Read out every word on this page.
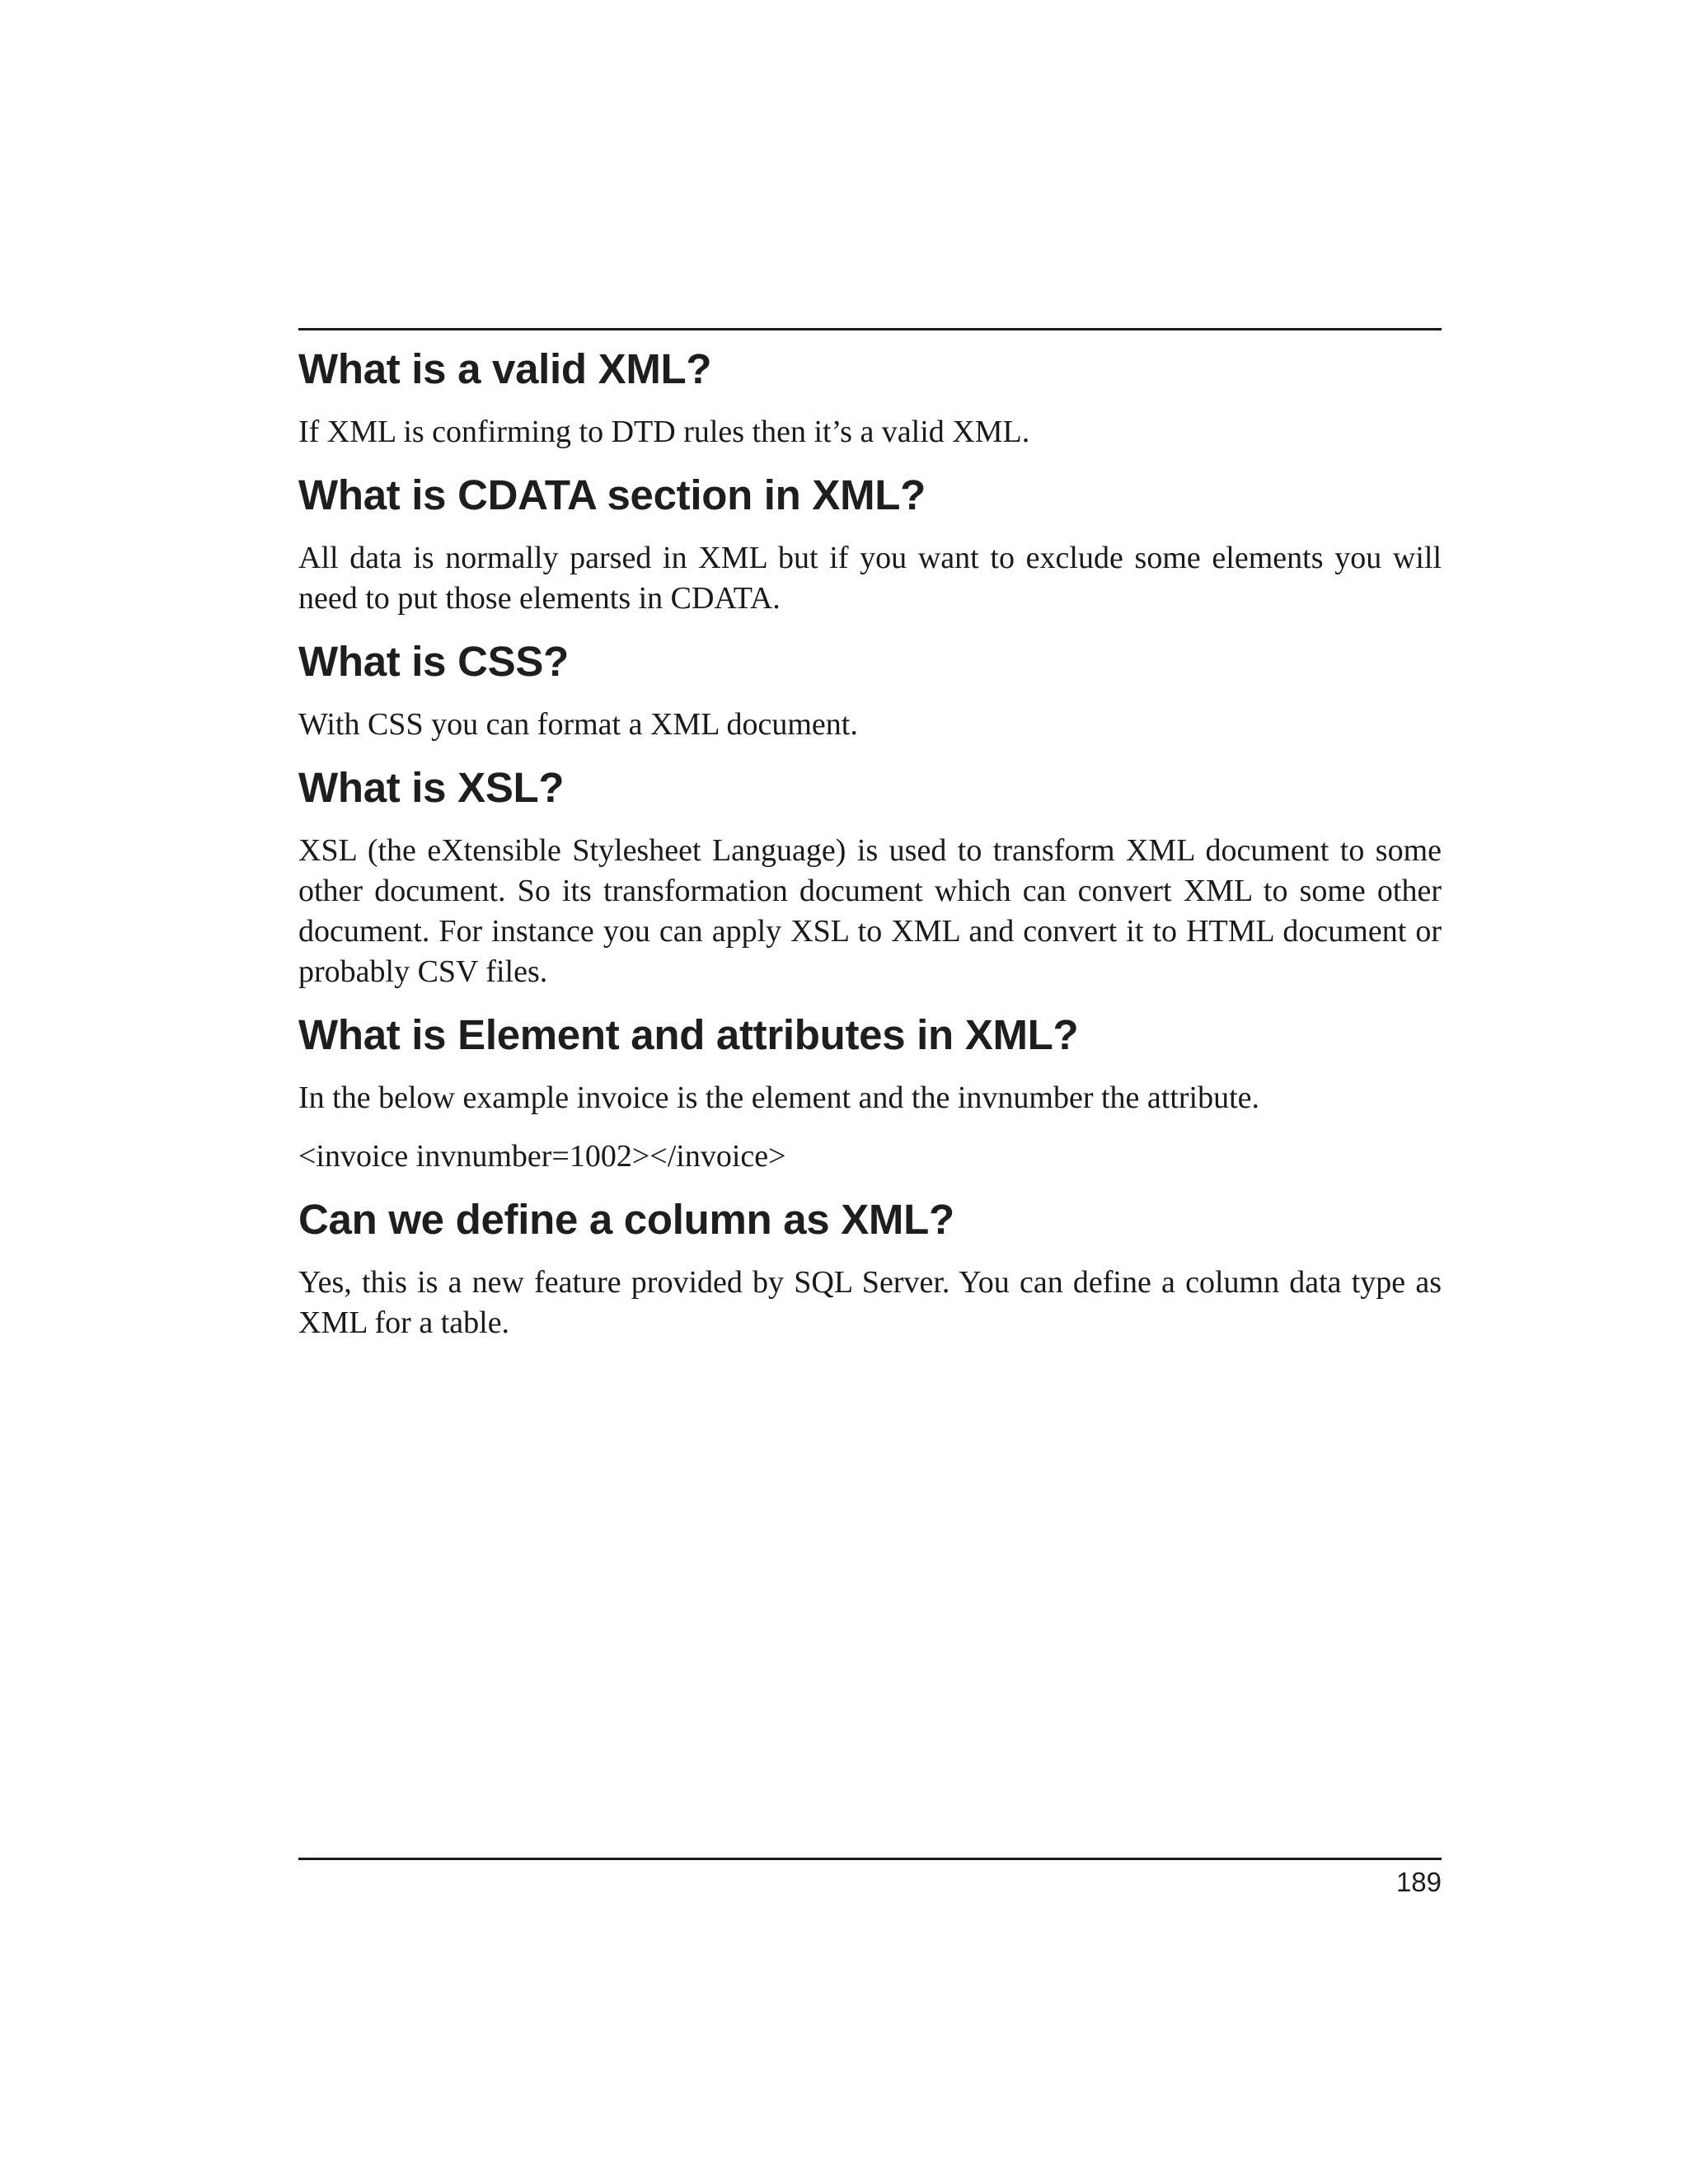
What is a valid XML?

If XML is confirming to DTD rules then it’s a valid XML.

What is CDATA section in XML?

All data is normally parsed in XML but if you want to exclude some elements you will need to put those elements in CDATA.

What is CSS?

With CSS you can format a XML document.

What is XSL?

XSL (the eXtensible Stylesheet Language) is used to transform XML document to some other document. So its transformation document which can convert XML to some other document. For instance you can apply XSL to XML and convert it to HTML document or probably CSV files.

What is Element and attributes in XML?

In the below example invoice is the element and the invnumber the attribute.

<invoice invnumber=1002></invoice>

Can we define a column as XML?

Yes, this is a new feature provided by SQL Server. You can define a column data type as XML for a table.

189
